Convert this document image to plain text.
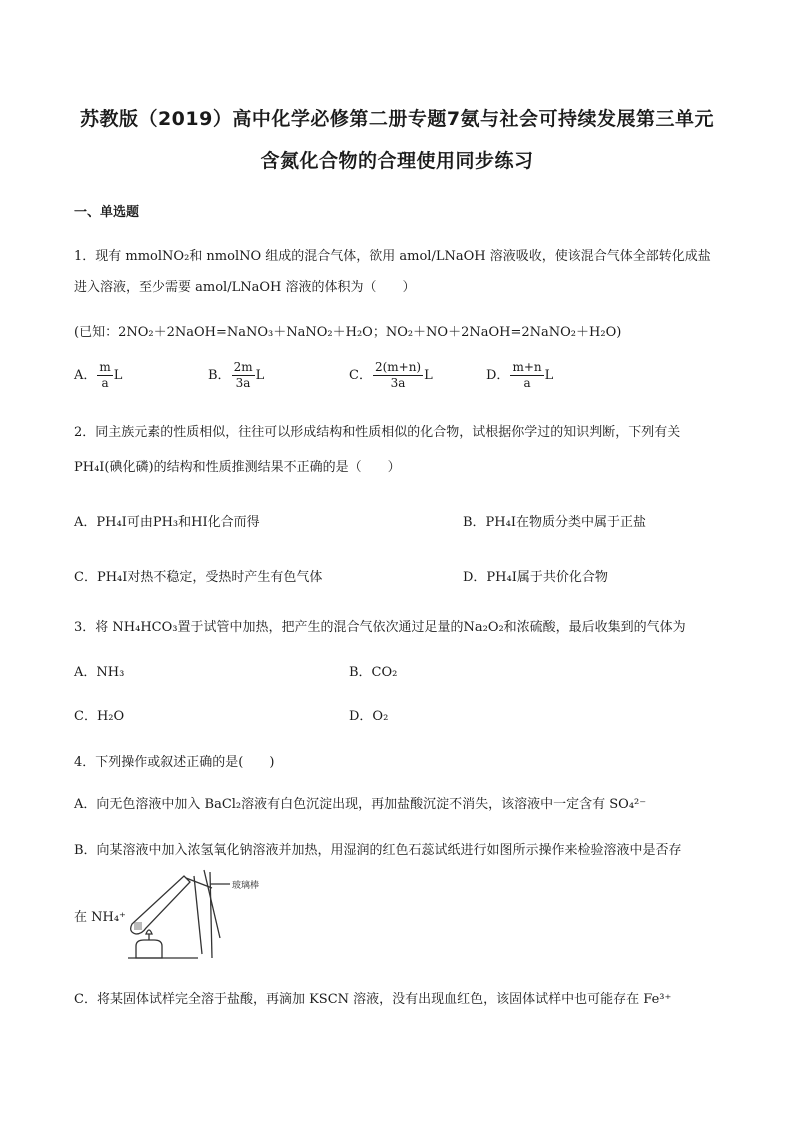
苏教版（2019）高中化学必修第二册专题7氨与社会可持续发展第三单元
含氮化合物的合理使用同步练习
一、单选题
1．现有 mmolNO₂和 nmolNO 组成的混合气体，欲用 amol/LNaOH 溶液吸收，使该混合气体全部转化成盐
进入溶液，至少需要 amol/LNaOH 溶液的体积为（　　）
(已知：2NO₂＋2NaOH=NaNO₃＋NaNO₂＋H₂O；NO₂＋NO＋2NaOH=2NaNO₂＋H₂O)
A． $\frac{m}{a}$ L	B． $\frac{2m}{3a}$ L	C． $\frac{2(m+n)}{3a}$ L	D． $\frac{m+n}{a}$ L
2．同主族元素的性质相似，往往可以形成结构和性质相似的化合物，试根据你学过的知识判断，下列有关
PH₄I(碘化磷)的结构和性质推测结果不正确的是（　　）
A．PH₄I可由PH₃和HI化合而得	B．PH₄I在物质分类中属于正盐
C．PH₄I对热不稳定，受热时产生有色气体	D．PH₄I属于共价化合物
3．将 NH₄HCO₃置于试管中加热，把产生的混合气依次通过足量的Na₂O₂和浓硫酸，最后收集到的气体为
A．NH₃	B．CO₂
C．H₂O	D．O₂
4．下列操作或叙述正确的是(　　)
A．向无色溶液中加入 BaCl₂溶液有白色沉淀出现，再加盐酸沉淀不消失，该溶液中一定含有 SO₄²⁻
B．向某溶液中加入浓氢氧化钠溶液并加热，用湿润的红色石蕊试纸进行如图所示操作来检验溶液中是否存
在 NH₄⁺
玻璃棒
C．将某固体试样完全溶于盐酸，再滴加 KSCN 溶液，没有出现血红色，该固体试样中也可能存在 Fe³⁺
